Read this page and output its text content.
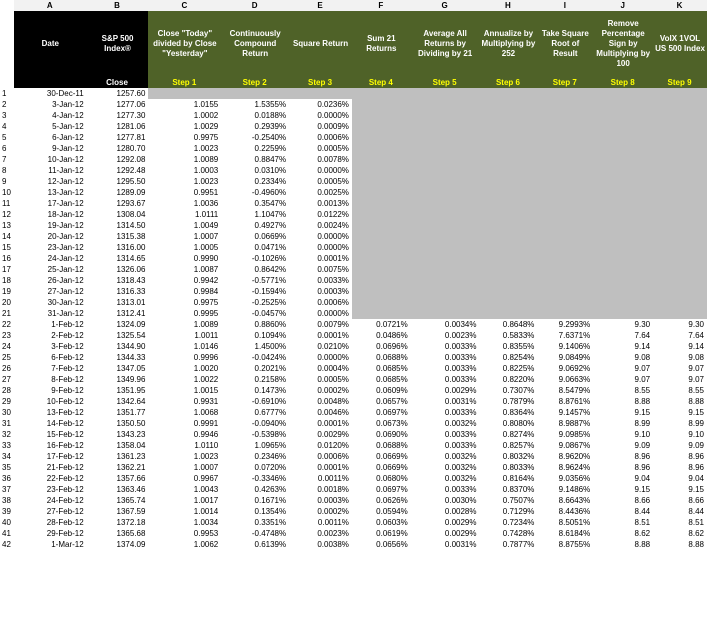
	A	B	C	D	E	F	G	H	I	J	K
	Date	S&P 500 Index®	Close "Today" divided by Close "Yesterday"	Continuously Compound Return	Square Return	Sum 21 Returns	Average All Returns by Dividing by 21	Annualize by Multiplying by 252	Take Square Root of Result	Remove Percentage Sign by Multiplying by 100	VolX 1VOL US 500 Index
		Close	Step 1	Step 2	Step 3	Step 4	Step 5	Step 6	Step 7	Step 8	Step 9
1	30-Dec-11	1257.60									
2	3-Jan-12	1277.06	1.0155	1.5355%	0.0236%						
3	4-Jan-12	1277.30	1.0002	0.0188%	0.0000%						
4	5-Jan-12	1281.06	1.0029	0.2939%	0.0009%						
5	6-Jan-12	1277.81	0.9975	-0.2540%	0.0006%						
6	9-Jan-12	1280.70	1.0023	0.2259%	0.0005%						
7	10-Jan-12	1292.08	1.0089	0.8847%	0.0078%						
8	11-Jan-12	1292.48	1.0003	0.0310%	0.0000%						
9	12-Jan-12	1295.50	1.0023	0.2334%	0.0005%						
10	13-Jan-12	1289.09	0.9951	-0.4960%	0.0025%						
11	17-Jan-12	1293.67	1.0036	0.3547%	0.0013%						
12	18-Jan-12	1308.04	1.0111	1.1047%	0.0122%						
13	19-Jan-12	1314.50	1.0049	0.4927%	0.0024%						
14	20-Jan-12	1315.38	1.0007	0.0669%	0.0000%						
15	23-Jan-12	1316.00	1.0005	0.0471%	0.0000%						
16	24-Jan-12	1314.65	0.9990	-0.1026%	0.0001%						
17	25-Jan-12	1326.06	1.0087	0.8642%	0.0075%						
18	26-Jan-12	1318.43	0.9942	-0.5771%	0.0033%						
19	27-Jan-12	1316.33	0.9984	-0.1594%	0.0003%						
20	30-Jan-12	1313.01	0.9975	-0.2525%	0.0006%						
21	31-Jan-12	1312.41	0.9995	-0.0457%	0.0000%						
22	1-Feb-12	1324.09	1.0089	0.8860%	0.0079%	0.0721%	0.0034%	0.8648%	9.2993%	9.30	9.30
23	2-Feb-12	1325.54	1.0011	0.1094%	0.0001%	0.0486%	0.0023%	0.5833%	7.6371%	7.64	7.64
24	3-Feb-12	1344.90	1.0146	1.4500%	0.0210%	0.0696%	0.0033%	0.8355%	9.1406%	9.14	9.14
25	6-Feb-12	1344.33	0.9996	-0.0424%	0.0000%	0.0688%	0.0033%	0.8254%	9.0849%	9.08	9.08
26	7-Feb-12	1347.05	1.0020	0.2021%	0.0004%	0.0685%	0.0033%	0.8225%	9.0692%	9.07	9.07
27	8-Feb-12	1349.96	1.0022	0.2158%	0.0005%	0.0685%	0.0033%	0.8220%	9.0663%	9.07	9.07
28	9-Feb-12	1351.95	1.0015	0.1473%	0.0002%	0.0609%	0.0029%	0.7307%	8.5479%	8.55	8.55
29	10-Feb-12	1342.64	0.9931	-0.6910%	0.0048%	0.0657%	0.0031%	0.7879%	8.8761%	8.88	8.88
30	13-Feb-12	1351.77	1.0068	0.6777%	0.0046%	0.0697%	0.0033%	0.8364%	9.1457%	9.15	9.15
31	14-Feb-12	1350.50	0.9991	-0.0940%	0.0001%	0.0673%	0.0032%	0.8080%	8.9887%	8.99	8.99
32	15-Feb-12	1343.23	0.9946	-0.5398%	0.0029%	0.0690%	0.0033%	0.8274%	9.0985%	9.10	9.10
33	16-Feb-12	1358.04	1.0110	1.0965%	0.0120%	0.0688%	0.0033%	0.8257%	9.0867%	9.09	9.09
34	17-Feb-12	1361.23	1.0023	0.2346%	0.0006%	0.0669%	0.0032%	0.8032%	8.9620%	8.96	8.96
35	21-Feb-12	1362.21	1.0007	0.0720%	0.0001%	0.0669%	0.0032%	0.8033%	8.9624%	8.96	8.96
36	22-Feb-12	1357.66	0.9967	-0.3346%	0.0011%	0.0680%	0.0032%	0.8164%	9.0356%	9.04	9.04
37	23-Feb-12	1363.46	1.0043	0.4263%	0.0018%	0.0697%	0.0033%	0.8370%	9.1486%	9.15	9.15
38	24-Feb-12	1365.74	1.0017	0.1671%	0.0003%	0.0626%	0.0030%	0.7507%	8.6643%	8.66	8.66
39	27-Feb-12	1367.59	1.0014	0.1354%	0.0002%	0.0594%	0.0028%	0.7129%	8.4436%	8.44	8.44
40	28-Feb-12	1372.18	1.0034	0.3351%	0.0011%	0.0603%	0.0029%	0.7234%	8.5051%	8.51	8.51
41	29-Feb-12	1365.68	0.9953	-0.4748%	0.0023%	0.0619%	0.0029%	0.7428%	8.6184%	8.62	8.62
42	1-Mar-12	1374.09	1.0062	0.6139%	0.0038%	0.0656%	0.0031%	0.7877%	8.8755%	8.88	8.88
